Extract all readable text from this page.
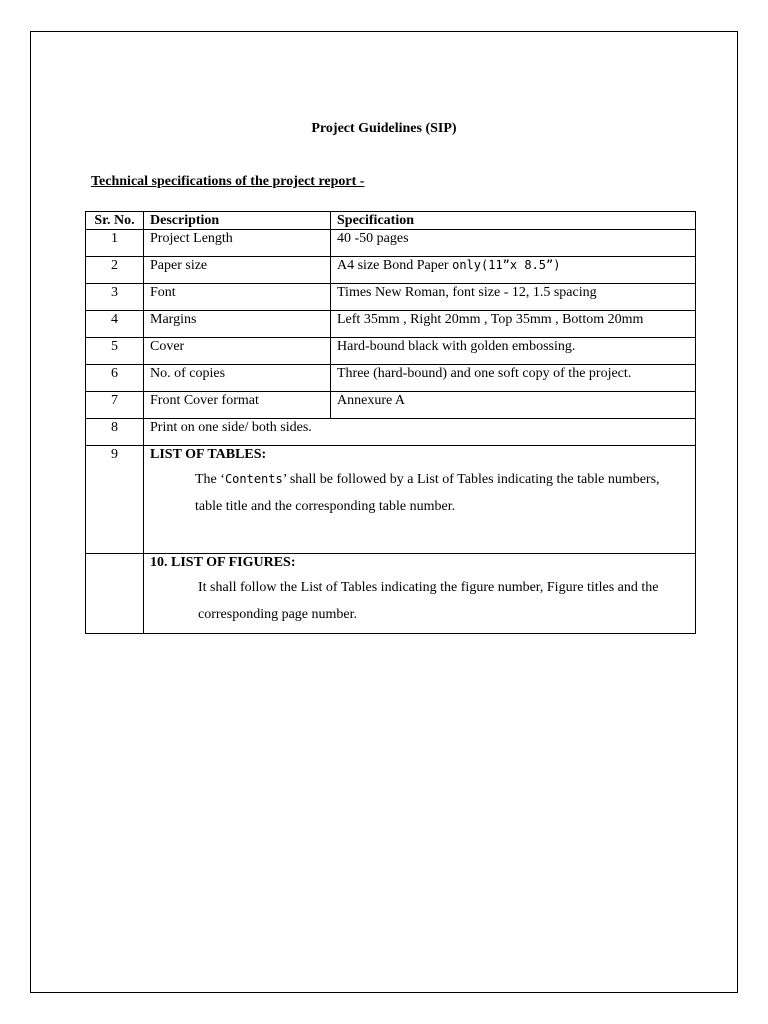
Project Guidelines (SIP)
Technical specifications of the project report -
Sr. No.	Description	Specification
1	Project Length	40 -50 pages
2	Paper size	A4 size Bond Paper only(11”x 8.5”)
3	Font	Times New Roman, font size - 12, 1.5 spacing
4	Margins	Left 35mm , Right 20mm , Top 35mm , Bottom 20mm
5	Cover	Hard-bound black with golden embossing.
6	No. of copies	Three (hard-bound) and one soft copy of the project.
7	Front Cover format	Annexure A
8	Print on one side/ both sides.	
9	LIST OF TABLES:
The ‘Contents’ shall be followed by a List of Tables indicating the table numbers, table title and the corresponding table number.	

	10. LIST OF FIGURES:
It shall follow the List of Tables indicating the figure number, Figure titles and the corresponding page number.	
